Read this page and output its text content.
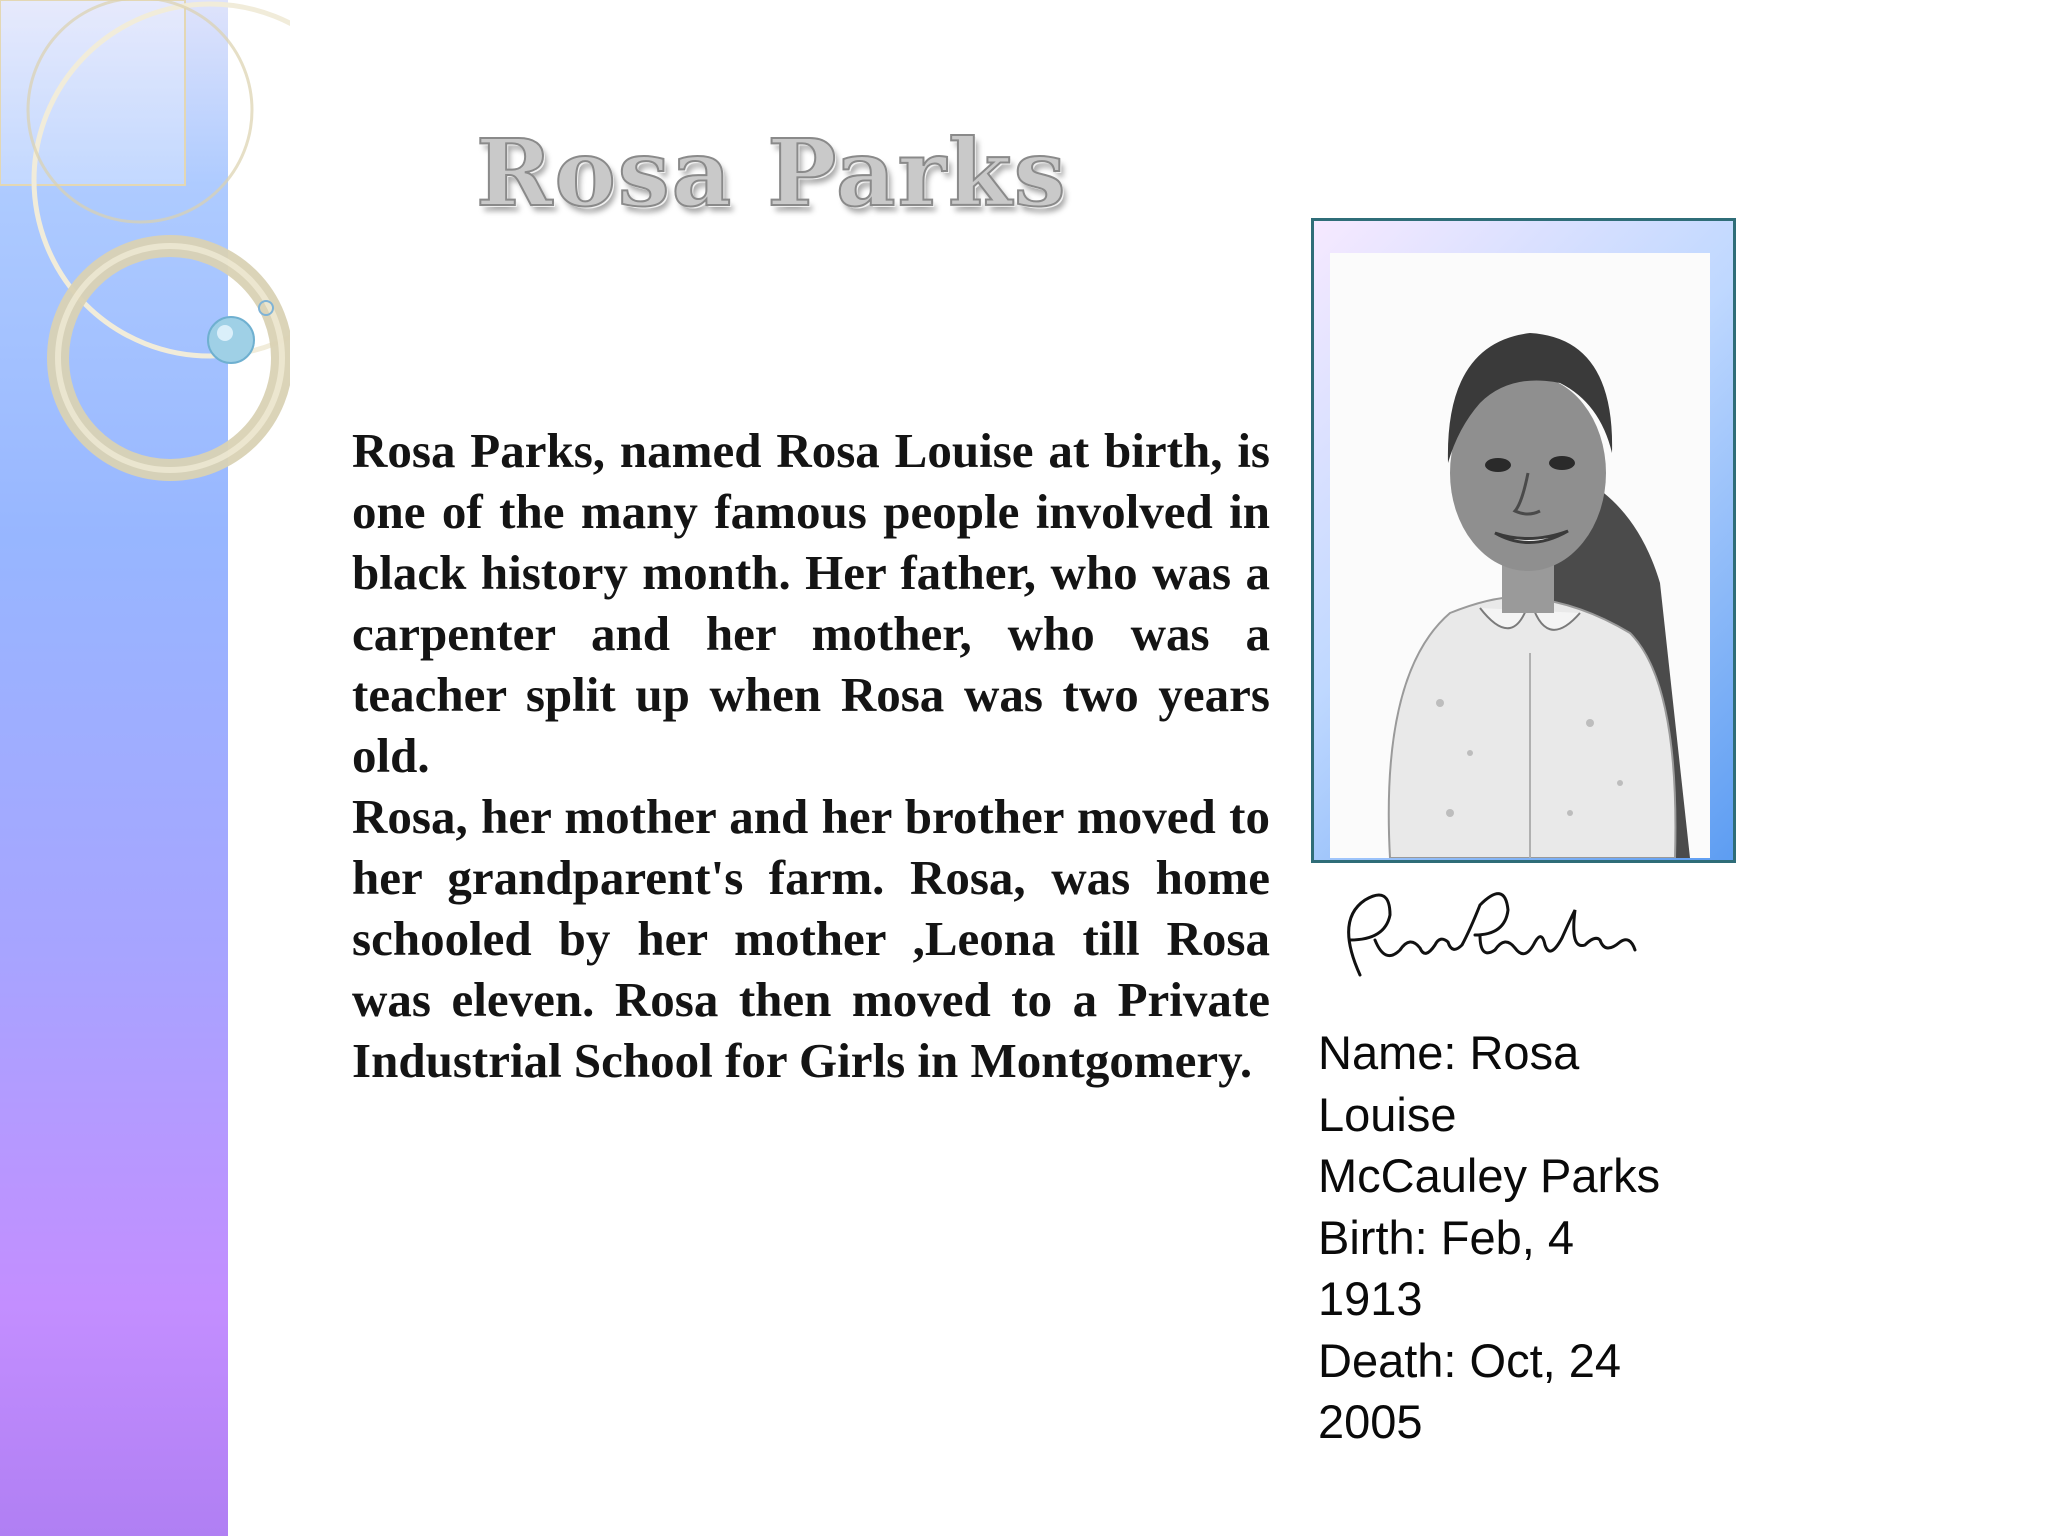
Rosa Parks

Rosa Parks, named Rosa Louise at birth, is one of the many famous people involved in black history month. Her father, who was a carpenter and her mother, who was a teacher split up when Rosa was two years old.

Rosa, her mother and her brother moved to her grandparent's farm. Rosa, was home schooled by her mother ,Leona till Rosa was eleven. Rosa then moved to a Private  Industrial School for Girls in Montgomery.	Name: Rosa
Louise
McCauley Parks
Birth: Feb, 4
1913
Death: Oct, 24
2005
